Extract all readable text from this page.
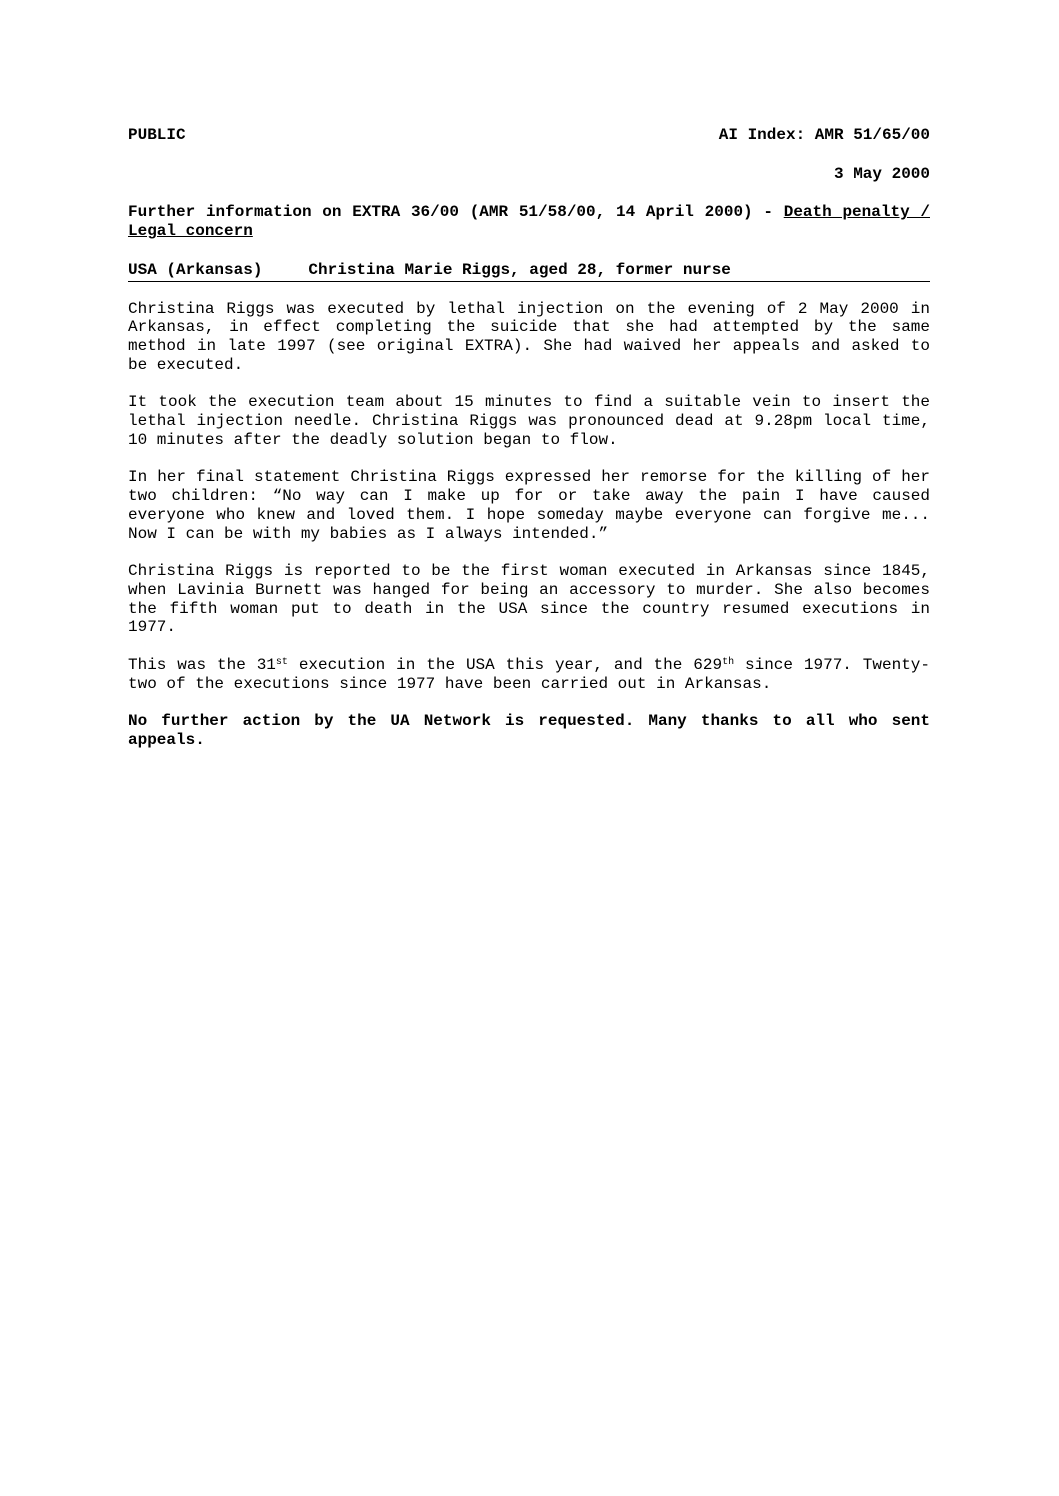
PUBLIC	AI Index: AMR 51/65/00
3 May 2000
Further information on EXTRA 36/00 (AMR 51/58/00, 14 April 2000) - Death penalty / Legal concern
USA (Arkansas)	Christina Marie Riggs, aged 28, former nurse

Christina Riggs was executed by lethal injection on the evening of 2 May 2000 in Arkansas, in effect completing the suicide that she had attempted by the same method in late 1997 (see original EXTRA). She had waived her appeals and asked to be executed.

It took the execution team about 15 minutes to find a suitable vein to insert the lethal injection needle. Christina Riggs was pronounced dead at 9.28pm local time, 10 minutes after the deadly solution began to flow.

In her final statement Christina Riggs expressed her remorse for the killing of her two children: “No way can I make up for or take away the pain I have caused everyone who knew and loved them. I hope someday maybe everyone can forgive me... Now I can be with my babies as I always intended.”

Christina Riggs is reported to be the first woman executed in Arkansas since 1845, when Lavinia Burnett was hanged for being an accessory to murder. She also becomes the fifth woman put to death in the USA since the country resumed executions in 1977.

This was the 31st execution in the USA this year, and the 629th since 1977. Twenty-two of the executions since 1977 have been carried out in Arkansas.

No further action by the UA Network is requested. Many thanks to all who sent appeals.
